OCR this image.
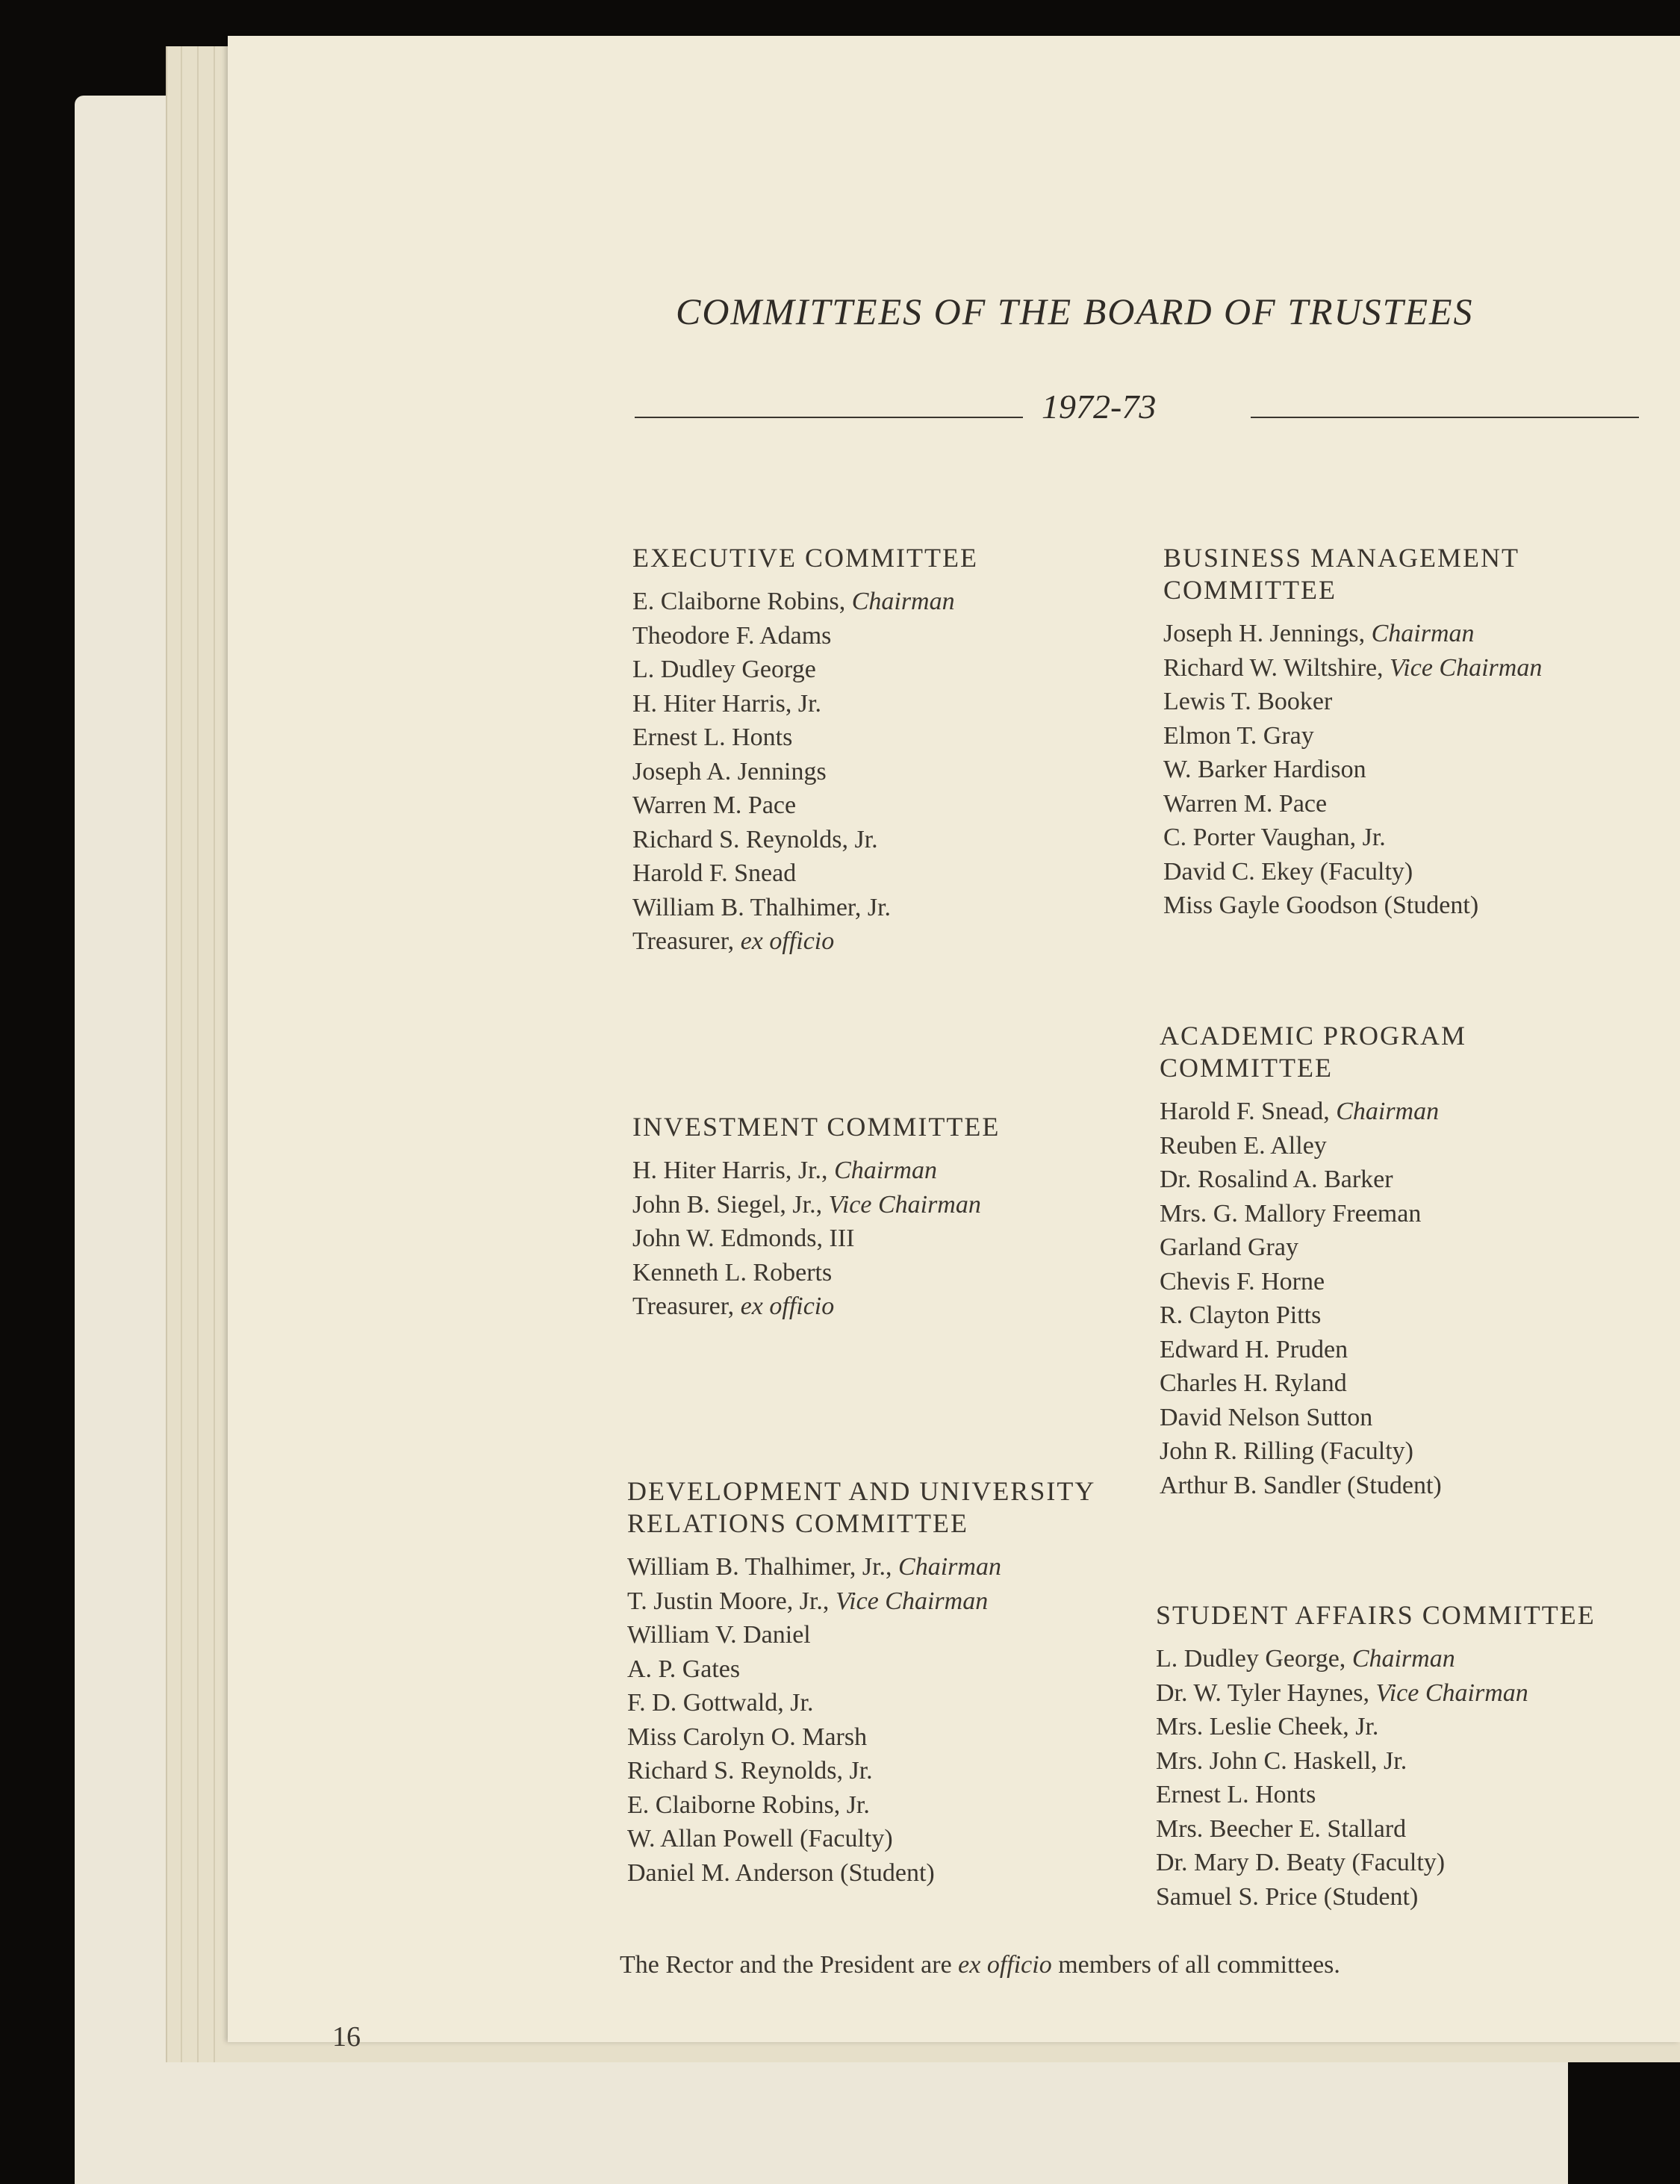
COMMITTEES OF THE BOARD OF TRUSTEES
1972-73
EXECUTIVE COMMITTEE
E. Claiborne Robins, Chairman
Theodore F. Adams
L. Dudley George
H. Hiter Harris, Jr.
Ernest L. Honts
Joseph A. Jennings
Warren M. Pace
Richard S. Reynolds, Jr.
Harold F. Snead
William B. Thalhimer, Jr.
Treasurer, ex officio
BUSINESS MANAGEMENT
COMMITTEE
Joseph H. Jennings, Chairman
Richard W. Wiltshire, Vice Chairman
Lewis T. Booker
Elmon T. Gray
W. Barker Hardison
Warren M. Pace
C. Porter Vaughan, Jr.
David C. Ekey (Faculty)
Miss Gayle Goodson (Student)
INVESTMENT COMMITTEE
H. Hiter Harris, Jr., Chairman
John B. Siegel, Jr., Vice Chairman
John W. Edmonds, III
Kenneth L. Roberts
Treasurer, ex officio
ACADEMIC PROGRAM
COMMITTEE
Harold F. Snead, Chairman
Reuben E. Alley
Dr. Rosalind A. Barker
Mrs. G. Mallory Freeman
Garland Gray
Chevis F. Horne
R. Clayton Pitts
Edward H. Pruden
Charles H. Ryland
David Nelson Sutton
John R. Rilling (Faculty)
Arthur B. Sandler (Student)
DEVELOPMENT AND UNIVERSITY
RELATIONS COMMITTEE
William B. Thalhimer, Jr., Chairman
T. Justin Moore, Jr., Vice Chairman
William V. Daniel
A. P. Gates
F. D. Gottwald, Jr.
Miss Carolyn O. Marsh
Richard S. Reynolds, Jr.
E. Claiborne Robins, Jr.
W. Allan Powell (Faculty)
Daniel M. Anderson (Student)
STUDENT AFFAIRS COMMITTEE
L. Dudley George, Chairman
Dr. W. Tyler Haynes, Vice Chairman
Mrs. Leslie Cheek, Jr.
Mrs. John C. Haskell, Jr.
Ernest L. Honts
Mrs. Beecher E. Stallard
Dr. Mary D. Beaty (Faculty)
Samuel S. Price (Student)
The Rector and the President are ex officio members of all committees.
16
